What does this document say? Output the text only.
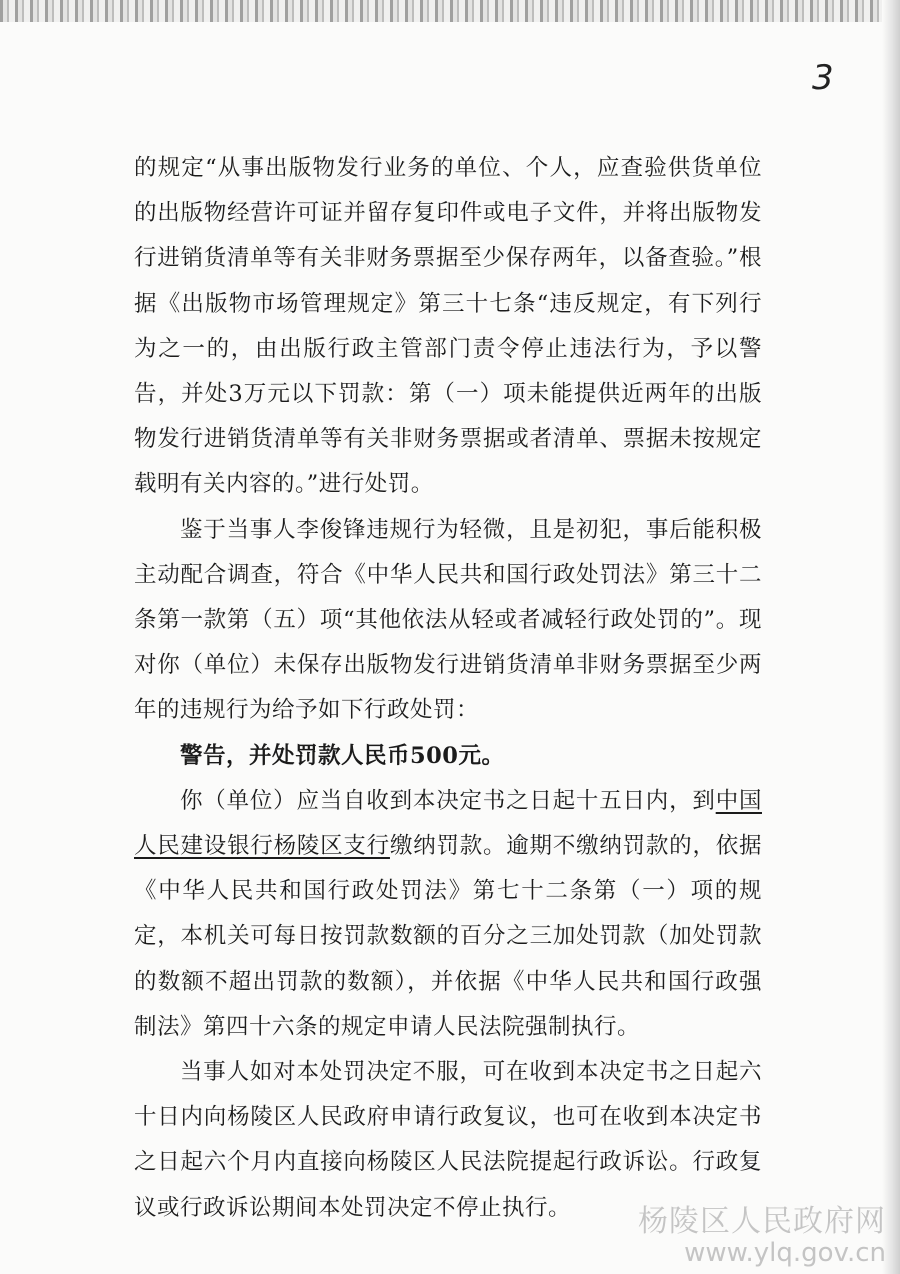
3

的规定“从事出版物发行业务的单位、个人，应查验供货单位的出版物经营许可证并留存复印件或电子文件，并将出版物发行进销货清单等有关非财务票据至少保存两年，以备查验。”根据《出版物市场管理规定》第三十七条“违反规定，有下列行为之一的，由出版行政主管部门责令停止违法行为，予以警告，并处3万元以下罚款：第（一）项未能提供近两年的出版物发行进销货清单等有关非财务票据或者清单、票据未按规定载明有关内容的。”进行处罚。

鉴于当事人李俊锋违规行为轻微，且是初犯，事后能积极主动配合调查，符合《中华人民共和国行政处罚法》第三十二条第一款第（五）项“其他依法从轻或者减轻行政处罚的”。现对你（单位）未保存出版物发行进销货清单非财务票据至少两年的违规行为给予如下行政处罚：

警告，并处罚款人民币500元。

你（单位）应当自收到本决定书之日起十五日内，到中国人民建设银行杨陵区支行缴纳罚款。逾期不缴纳罚款的，依据《中华人民共和国行政处罚法》第七十二条第（一）项的规定，本机关可每日按罚款数额的百分之三加处罚款（加处罚款的数额不超出罚款的数额），并依据《中华人民共和国行政强制法》第四十六条的规定申请人民法院强制执行。

当事人如对本处罚决定不服，可在收到本决定书之日起六十日内向杨陵区人民政府申请行政复议，也可在收到本决定书之日起六个月内直接向杨陵区人民法院提起行政诉讼。行政复议或行政诉讼期间本处罚决定不停止执行。	杨陵区人民政府网
www.ylq.gov.cn
